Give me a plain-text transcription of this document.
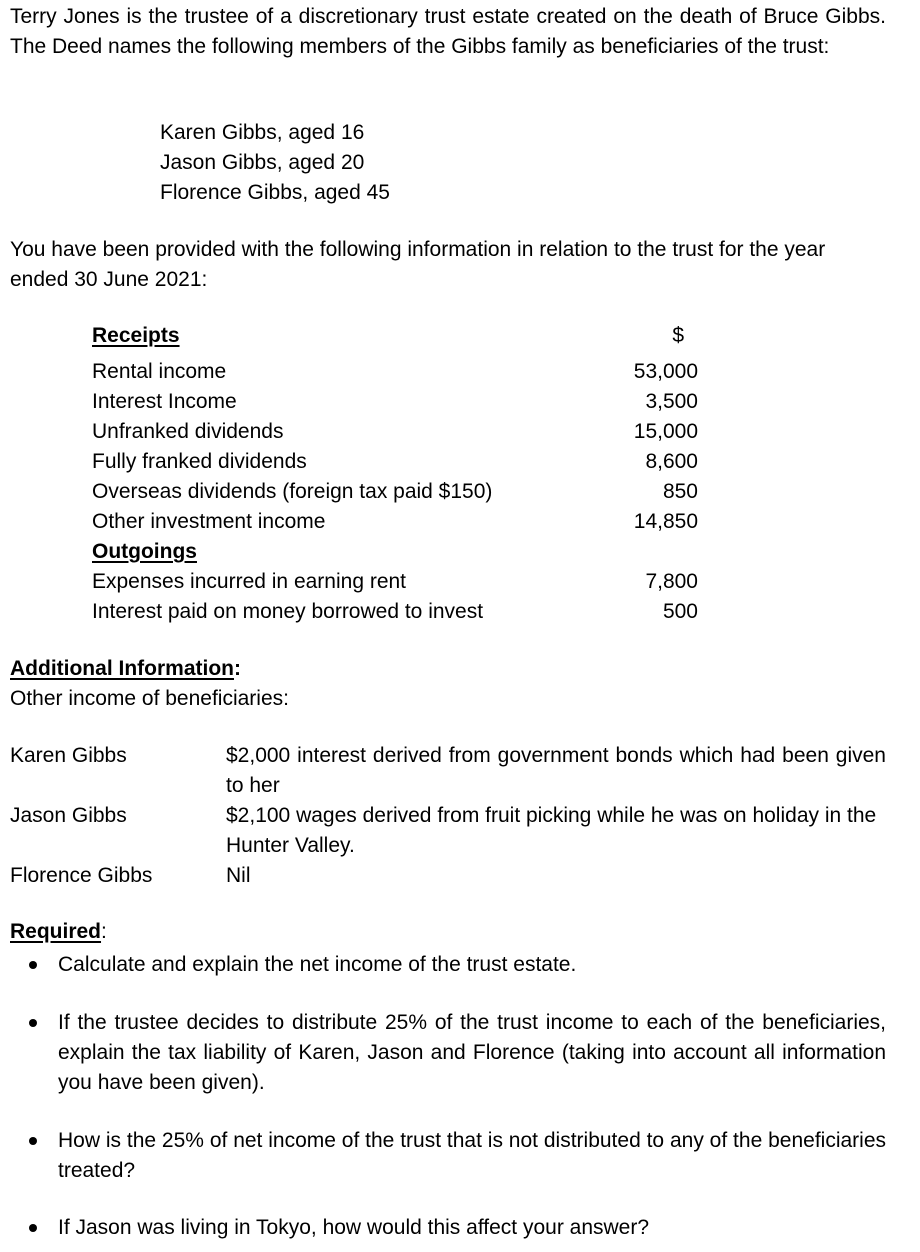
Terry Jones is the trustee of a discretionary trust estate created on the death of Bruce Gibbs. The Deed names the following members of the Gibbs family as beneficiaries of the trust:

Karen Gibbs, aged 16
Jason Gibbs, aged 20
Florence Gibbs, aged 45

You have been provided with the following information in relation to the trust for the year ended 30 June 2021:

Receipts	$
Rental income	53,000
Interest Income	3,500
Unfranked dividends	15,000
Fully franked dividends	8,600
Overseas dividends (foreign tax paid $150)	850
Other investment income	14,850
Outgoings
Expenses incurred in earning rent	7,800
Interest paid on money borrowed to invest	500
Additional Information:
Other income of beneficiaries:
Karen Gibbs	$2,000 interest derived from government bonds which had been given to her
Jason Gibbs	$2,100 wages derived from fruit picking while he was on holiday in the Hunter Valley.
Florence Gibbs	Nil
Required:
Calculate and explain the net income of the trust estate.
If the trustee decides to distribute 25% of the trust income to each of the beneficiaries, explain the tax liability of Karen, Jason and Florence (taking into account all information you have been given).
How is the 25% of net income of the trust that is not distributed to any of the beneficiaries treated?
If Jason was living in Tokyo, how would this affect your answer?
